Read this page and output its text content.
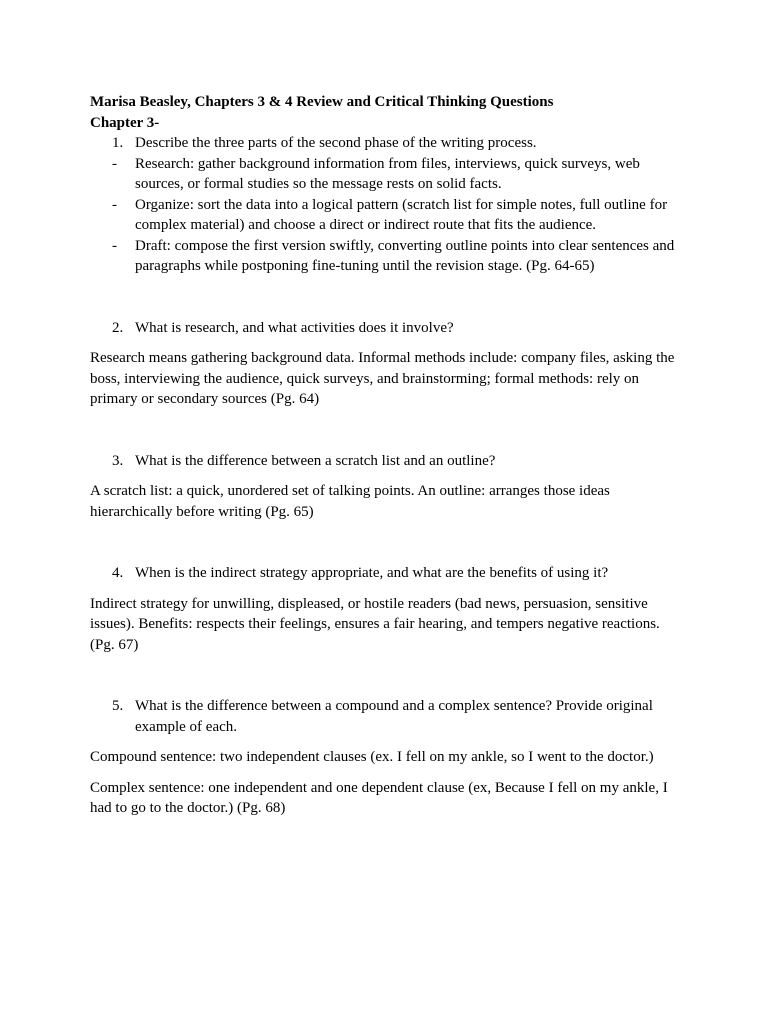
Marisa Beasley, Chapters 3 & 4 Review and Critical Thinking Questions

Chapter 3-

1. Describe the three parts of the second phase of the writing process.
- Research: gather background information from files, interviews, quick surveys, web sources, or formal studies so the message rests on solid facts.
- Organize: sort the data into a logical pattern (scratch list for simple notes, full outline for complex material) and choose a direct or indirect route that fits the audience.
- Draft: compose the first version swiftly, converting outline points into clear sentences and paragraphs while postponing fine-tuning until the revision stage. (Pg. 64-65)
2. What is research, and what activities does it involve?

Research means gathering background data. Informal methods include: company files, asking the boss, interviewing the audience, quick surveys, and brainstorming; formal methods: rely on primary or secondary sources (Pg. 64)

3. What is the difference between a scratch list and an outline?

A scratch list: a quick, unordered set of talking points. An outline: arranges those ideas hierarchically before writing (Pg. 65)

4. When is the indirect strategy appropriate, and what are the benefits of using it?

Indirect strategy for unwilling, displeased, or hostile readers (bad news, persuasion, sensitive issues). Benefits: respects their feelings, ensures a fair hearing, and tempers negative reactions. (Pg. 67)

5. What is the difference between a compound and a complex sentence? Provide original example of each.

Compound sentence: two independent clauses (ex. I fell on my ankle, so I went to the doctor.)

Complex sentence: one independent and one dependent clause (ex, Because I fell on my ankle, I had to go to the doctor.) (Pg. 68)
